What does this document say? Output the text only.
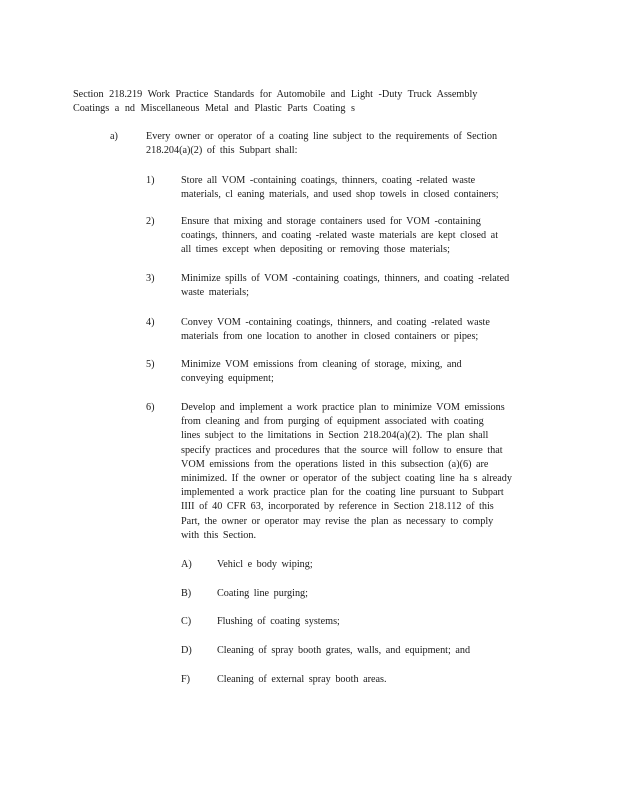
Section 218.219 Work Practice Standards for Automobile and Light -Duty Truck Assembly
Coatings a nd Miscellaneous Metal and Plastic Parts Coating s
a)	Every owner or operator of a coating line subject to the requirements of Section
218.204(a)(2) of this Subpart shall:

1)	Store all VOM -containing coatings, thinners, coating -related waste
materials, cl eaning materials, and used shop towels in closed containers;

2)	Ensure that mixing and storage containers used for VOM -containing
coatings, thinners, and coating -related waste materials are kept closed at
all times except when depositing or removing those materials;

3)	Minimize spills of VOM -containing coatings, thinners, and coating -related
waste materials;

4)	Convey VOM -containing coatings, thinners, and coating -related waste
materials from one location to another in closed containers or pipes;

5)	Minimize VOM emissions from cleaning of storage, mixing, and
conveying equipment;

6)	Develop and implement a work practice plan to minimize VOM emissions
from cleaning and from purging of equipment associated with coating
lines subject to the limitations in Section 218.204(a)(2). The plan shall
specify practices and procedures that the source will follow to ensure that
VOM emissions from the operations listed in this subsection (a)(6) are
minimized. If the owner or operator of the subject coating line ha s already
implemented a work practice plan for the coating line pursuant to Subpart
IIII of 40 CFR 63, incorporated by reference in Section 218.112 of this
Part, the owner or operator may revise the plan as necessary to comply
with this Section.

A) Vehicl e body wiping;

B)	Coating line purging;

C)	Flushing of coating systems;

D) Cleaning of spray booth grates, walls, and equipment; and

F)	Cleaning of external spray booth areas.
